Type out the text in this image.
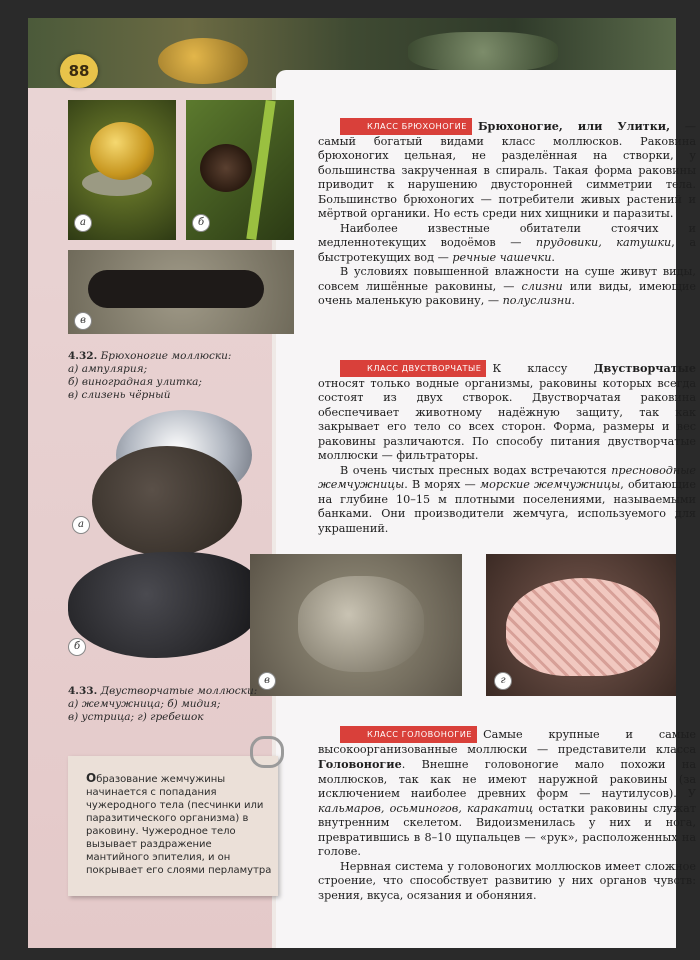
88
а	б
в
4.32. Брюхоногие моллюски:
а) ампулярия;
б) виноградная улитка;
в) слизень чёрный
а
б
в	г
4.33. Двустворчатые моллюски:
а) жемчужница; б) мидия;
в) устрица; г) гребешок
Образование жемчужины начинается с попадания чужеродного тела (песчинки или паразитического организма) в раковину. Чужеродное тело вызывает раздражение мантийного эпителия, и он покрывает его слоями перламутра

КЛАСС БРЮХОНОГИЕ Брюхоногие, или Улитки, — самый богатый видами класс моллюсков. Раковина брюхоногих цельная, не разделённая на створки, у большинства закрученная в спираль. Такая форма раковины приводит к нарушению двусторонней симметрии тела. Большинство брюхоногих — потребители живых растений и мёртвой органики. Но есть среди них хищники и паразиты.

Наиболее известные обитатели стоячих и медленнотекущих водоёмов — прудовики, катушки, а быстротекущих вод — речные чашечки.

В условиях повышенной влажности на суше живут виды, совсем лишённые раковины, — слизни или виды, имеющие очень маленькую раковину, — полуслизни.

КЛАСС ДВУСТВОРЧАТЫЕ К классу Двустворчатые относят только водные организмы, раковины которых всегда состоят из двух створок. Двустворчатая раковина обеспечивает животному надёжную защиту, так как закрывает его тело со всех сторон. Форма, размеры и вес раковины различаются. По способу питания двустворчатые моллюски — фильтраторы.

В очень чистых пресных водах встречаются пресноводные жемчужницы. В морях — морские жемчужницы, обитающие на глубине 10–15 м плотными поселениями, называемыми банками. Они производители жемчуга, используемого для украшений.

КЛАСС ГОЛОВОНОГИЕ Самые крупные и самые высокоорганизованные моллюски — представители класса Головоногие. Внешне головоногие мало похожи на моллюсков, так как не имеют наружной раковины (за исключением наиболее древних форм — наутилусов). У кальмаров, осьминогов, каракатиц остатки раковины служат внутренним скелетом. Видоизменилась у них и нога, превратившись в 8–10 щупальцев — «рук», расположенных на голове.

Нервная система у головоногих моллюсков имеет сложное строение, что способствует развитию у них органов чувств: зрения, вкуса, осязания и обоняния.
